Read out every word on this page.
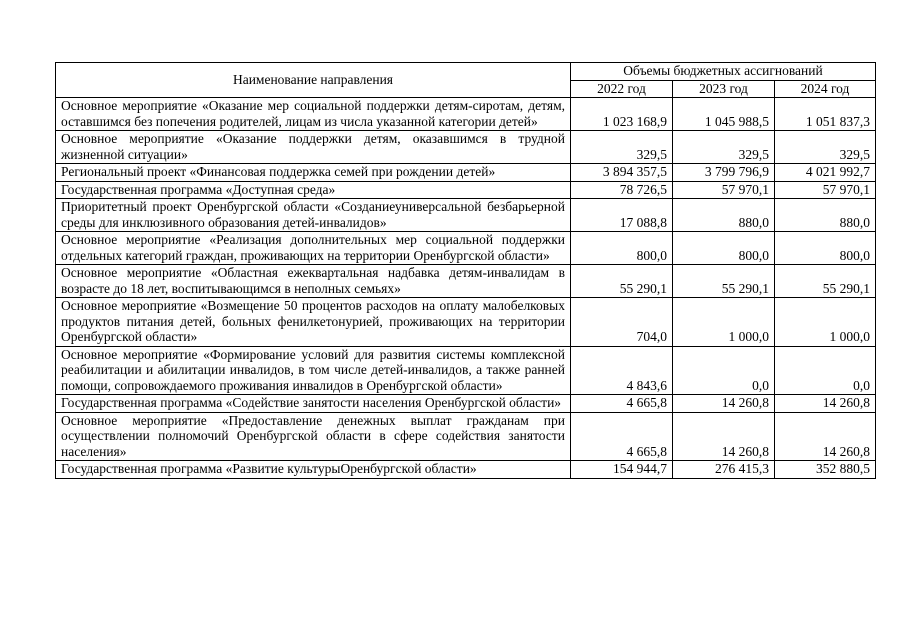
Наименование направления	Объемы бюджетных ассигнований		
	2022 год	2023 год	2024 год
Основное мероприятие «Оказание мер социальной поддержки детям-сиротам, детям, оставшимся без попечения родителей, лицам из числа указанной категории детей»	1 023 168,9	1 045 988,5	1 051 837,3
Основное мероприятие «Оказание поддержки детям, оказавшимся в трудной жизненной ситуации»	329,5	329,5	329,5
Региональный проект «Финансовая поддержка семей при рождении детей»	3 894 357,5	3 799 796,9	4 021 992,7
Государственная программа «Доступная среда»	78 726,5	57 970,1	57 970,1
Приоритетный проект Оренбургской области «Созданиеуниверсальной безбарьерной среды для инклюзивного образования детей-инвалидов»	17 088,8	880,0	880,0
Основное мероприятие «Реализация дополнительных мер социальной поддержки отдельных категорий граждан, проживающих на территории Оренбургской области»	800,0	800,0	800,0
Основное мероприятие «Областная ежеквартальная надбавка детям-инвалидам в возрасте до 18 лет, воспитывающимся в неполных семьях»	55 290,1	55 290,1	55 290,1
Основное мероприятие «Возмещение 50 процентов расходов на оплату малобелковых продуктов питания детей, больных фенилкетонурией, проживающих на территории Оренбургской области»	704,0	1 000,0	1 000,0
Основное мероприятие «Формирование условий для развития системы комплексной реабилитации и абилитации инвалидов, в том числе детей-инвалидов, а также ранней помощи, сопровождаемого проживания инвалидов в Оренбургской области»	4 843,6	0,0	0,0
Государственная программа «Содействие занятости населения Оренбургской области»	4 665,8	14 260,8	14 260,8
Основное мероприятие «Предоставление денежных выплат гражданам при осуществлении полномочий Оренбургской области в сфере содействия занятости населения»	4 665,8	14 260,8	14 260,8
Государственная программа «Развитие культурыОренбургской области»	154 944,7	276 415,3	352 880,5
